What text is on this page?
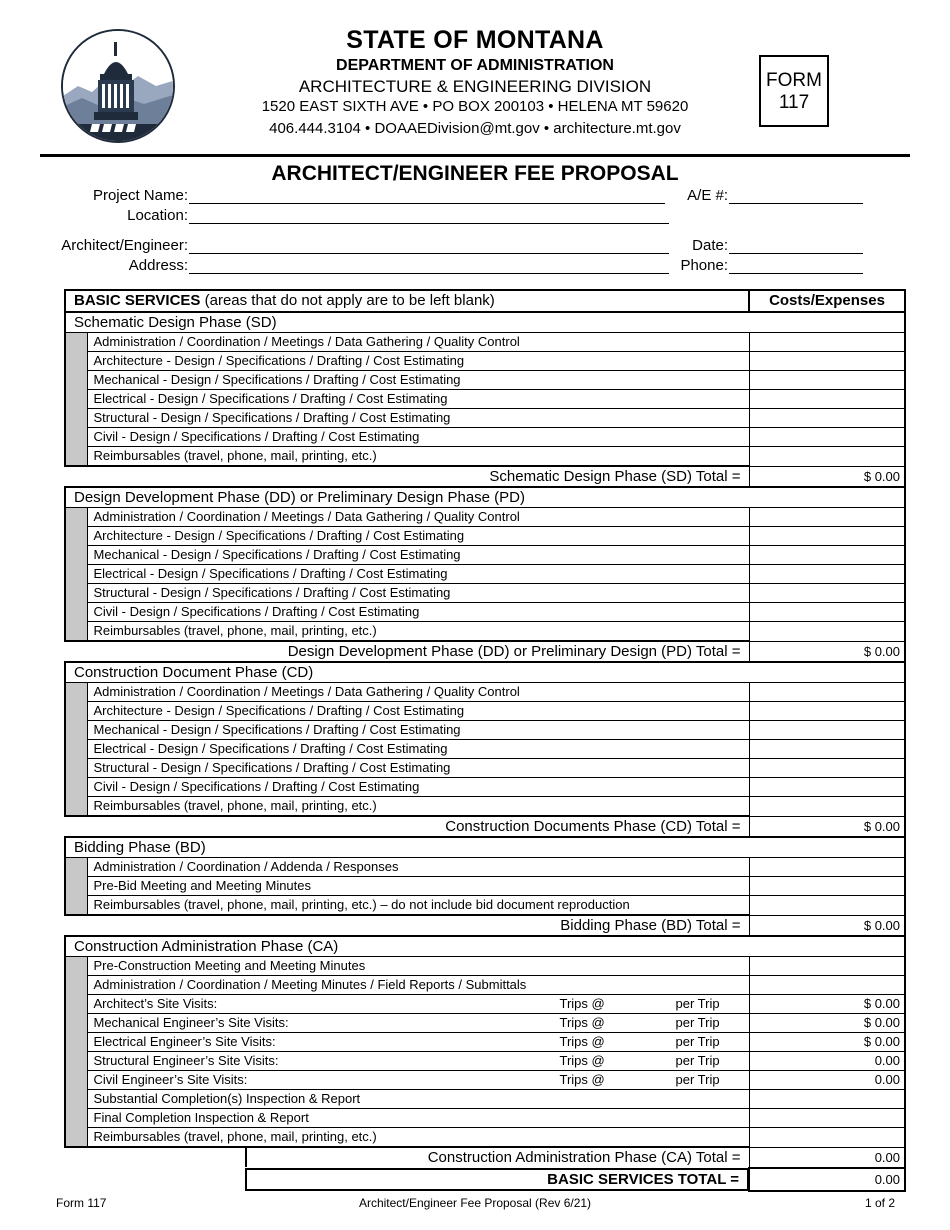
STATE OF MONTANA
DEPARTMENT OF ADMINISTRATION
ARCHITECTURE & ENGINEERING DIVISION
1520 EAST SIXTH AVE • PO BOX 200103 • HELENA MT 59620
406.444.3104 • DOAAEDivision@mt.gov • architecture.mt.gov
FORM
117
ARCHITECT/ENGINEER FEE PROPOSAL
Project Name:
Location:
Architect/Engineer:
Address:
A/E #:
Date:
Phone:
BASIC SERVICES (areas that do not apply are to be left blank)		Costs/Expenses
Schematic Design Phase (SD)		
	Administration / Coordination / Meetings / Data Gathering / Quality Control	
	Architecture - Design / Specifications / Drafting / Cost Estimating	
	Mechanical - Design / Specifications / Drafting / Cost Estimating	
	Electrical - Design / Specifications / Drafting / Cost Estimating	
	Structural - Design / Specifications / Drafting / Cost Estimating	
	Civil - Design / Specifications / Drafting / Cost Estimating	
	Reimbursables (travel, phone, mail, printing, etc.)	
Schematic Design Phase (SD) Total =		$ 0.00
Design Development Phase (DD) or Preliminary Design Phase (PD)		
	Administration / Coordination / Meetings / Data Gathering / Quality Control	
	Architecture - Design / Specifications / Drafting / Cost Estimating	
	Mechanical - Design / Specifications / Drafting / Cost Estimating	
	Electrical - Design / Specifications / Drafting / Cost Estimating	
	Structural - Design / Specifications / Drafting / Cost Estimating	
	Civil - Design / Specifications / Drafting / Cost Estimating	
	Reimbursables (travel, phone, mail, printing, etc.)	
Design Development Phase (DD) or Preliminary Design (PD) Total =		$ 0.00
Construction Document Phase (CD)		
	Administration / Coordination / Meetings / Data Gathering / Quality Control	
	Architecture - Design / Specifications / Drafting / Cost Estimating	
	Mechanical - Design / Specifications / Drafting / Cost Estimating	
	Electrical - Design / Specifications / Drafting / Cost Estimating	
	Structural - Design / Specifications / Drafting / Cost Estimating	
	Civil - Design / Specifications / Drafting / Cost Estimating	
	Reimbursables (travel, phone, mail, printing, etc.)	
Construction Documents Phase (CD) Total =		$ 0.00
Bidding Phase (BD)		
	Administration / Coordination / Addenda / Responses	
	Pre-Bid Meeting and Meeting Minutes	
	Reimbursables (travel, phone, mail, printing, etc.) – do not include bid document reproduction	
Bidding Phase (BD) Total =		$ 0.00
Construction Administration Phase (CA)		
	Pre-Construction Meeting and Meeting Minutes	
	Administration / Coordination / Meeting Minutes / Field Reports / Submittals	
	Architect’s Site Visits: Trips @ per Trip	$ 0.00
	Mechanical Engineer’s Site Visits: Trips @ per Trip	$ 0.00
	Electrical Engineer’s Site Visits: Trips @ per Trip	$ 0.00
	Structural Engineer’s Site Visits: Trips @ per Trip	0.00
	Civil Engineer’s Site Visits: Trips @ per Trip	0.00
	Substantial Completion(s) Inspection & Report	
	Final Completion Inspection & Report	
	Reimbursables (travel, phone, mail, printing, etc.)	

Construction Administration Phase (CA) Total =		0.00

BASIC SERVICES TOTAL =		0.00
Form 117	Architect/Engineer Fee Proposal (Rev 6/21)	1 of 2
